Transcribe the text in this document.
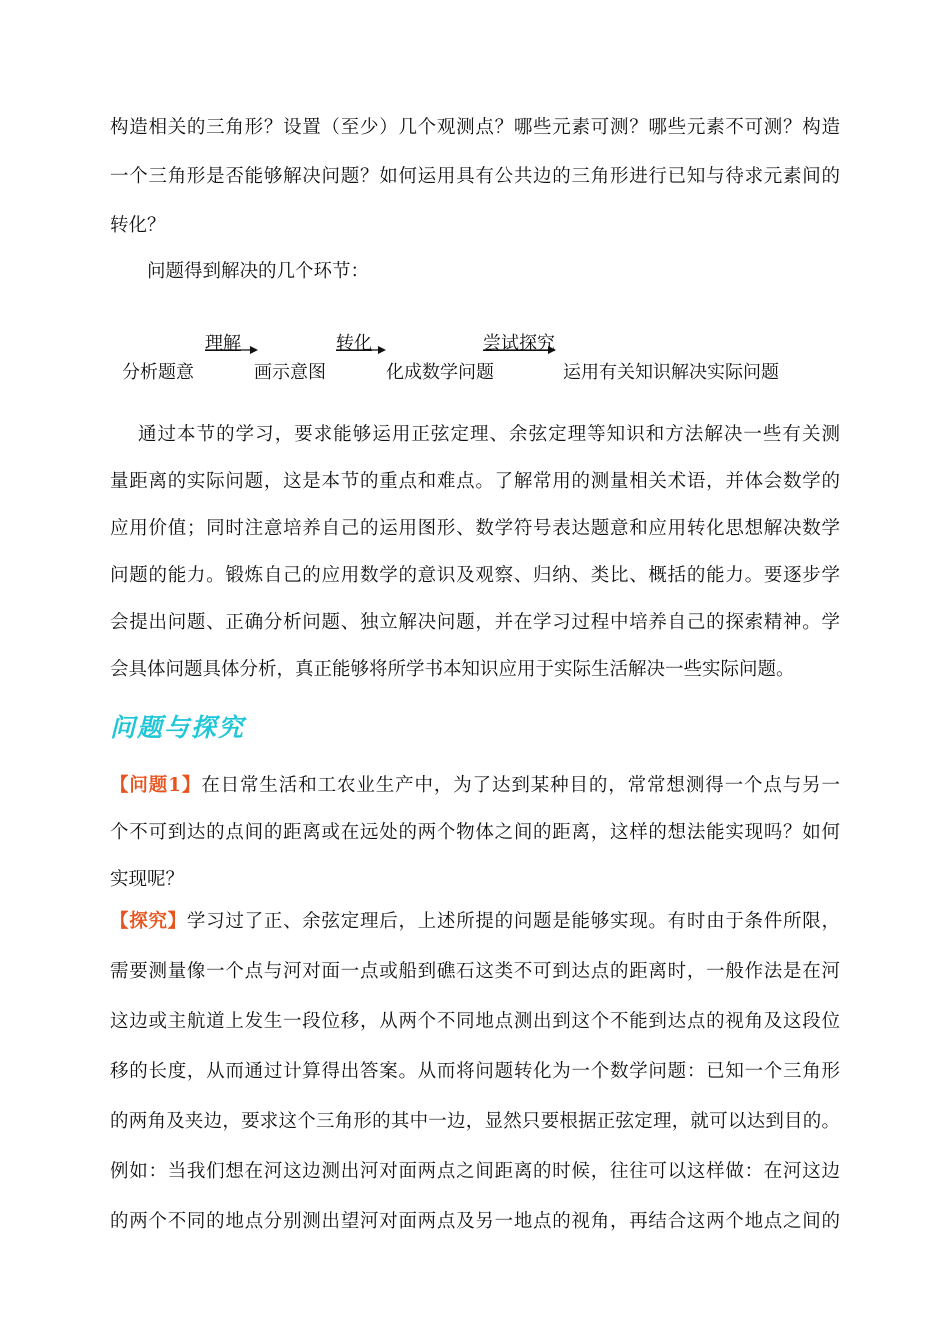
构造相关的三角形？设置（至少）几个观测点？哪些元素可测？哪些元素不可测？构造
一个三角形是否能够解决问题？如何运用具有公共边的三角形进行已知与待求元素间的
转化？
问题得到解决的几个环节：
理解	转化	尝试探究
分析题意	画示意图	化成数学问题	运用有关知识解决实际问题
通过本节的学习，要求能够运用正弦定理、余弦定理等知识和方法解决一些有关测
量距离的实际问题，这是本节的重点和难点。了解常用的测量相关术语，并体会数学的
应用价值；同时注意培养自己的运用图形、数学符号表达题意和应用转化思想解决数学
问题的能力。锻炼自己的应用数学的意识及观察、归纳、类比、概括的能力。要逐步学
会提出问题、正确分析问题、独立解决问题，并在学习过程中培养自己的探索精神。学
会具体问题具体分析，真正能够将所学书本知识应用于实际生活解决一些实际问题。
问题与探究
【问题1】在日常生活和工农业生产中，为了达到某种目的，常常想测得一个点与另一
个不可到达的点间的距离或在远处的两个物体之间的距离，这样的想法能实现吗？如何
实现呢？
【探究】学习过了正、余弦定理后，上述所提的问题是能够实现。有时由于条件所限，
需要测量像一个点与河对面一点或船到礁石这类不可到达点的距离时，一般作法是在河
这边或主航道上发生一段位移，从两个不同地点测出到这个不能到达点的视角及这段位
移的长度，从而通过计算得出答案。从而将问题转化为一个数学问题：已知一个三角形
的两角及夹边，要求这个三角形的其中一边，显然只要根据正弦定理，就可以达到目的。
例如：当我们想在河这边测出河对面两点之间距离的时候，往往可以这样做：在河这边
的两个不同的地点分别测出望河对面两点及另一地点的视角，再结合这两个地点之间的
